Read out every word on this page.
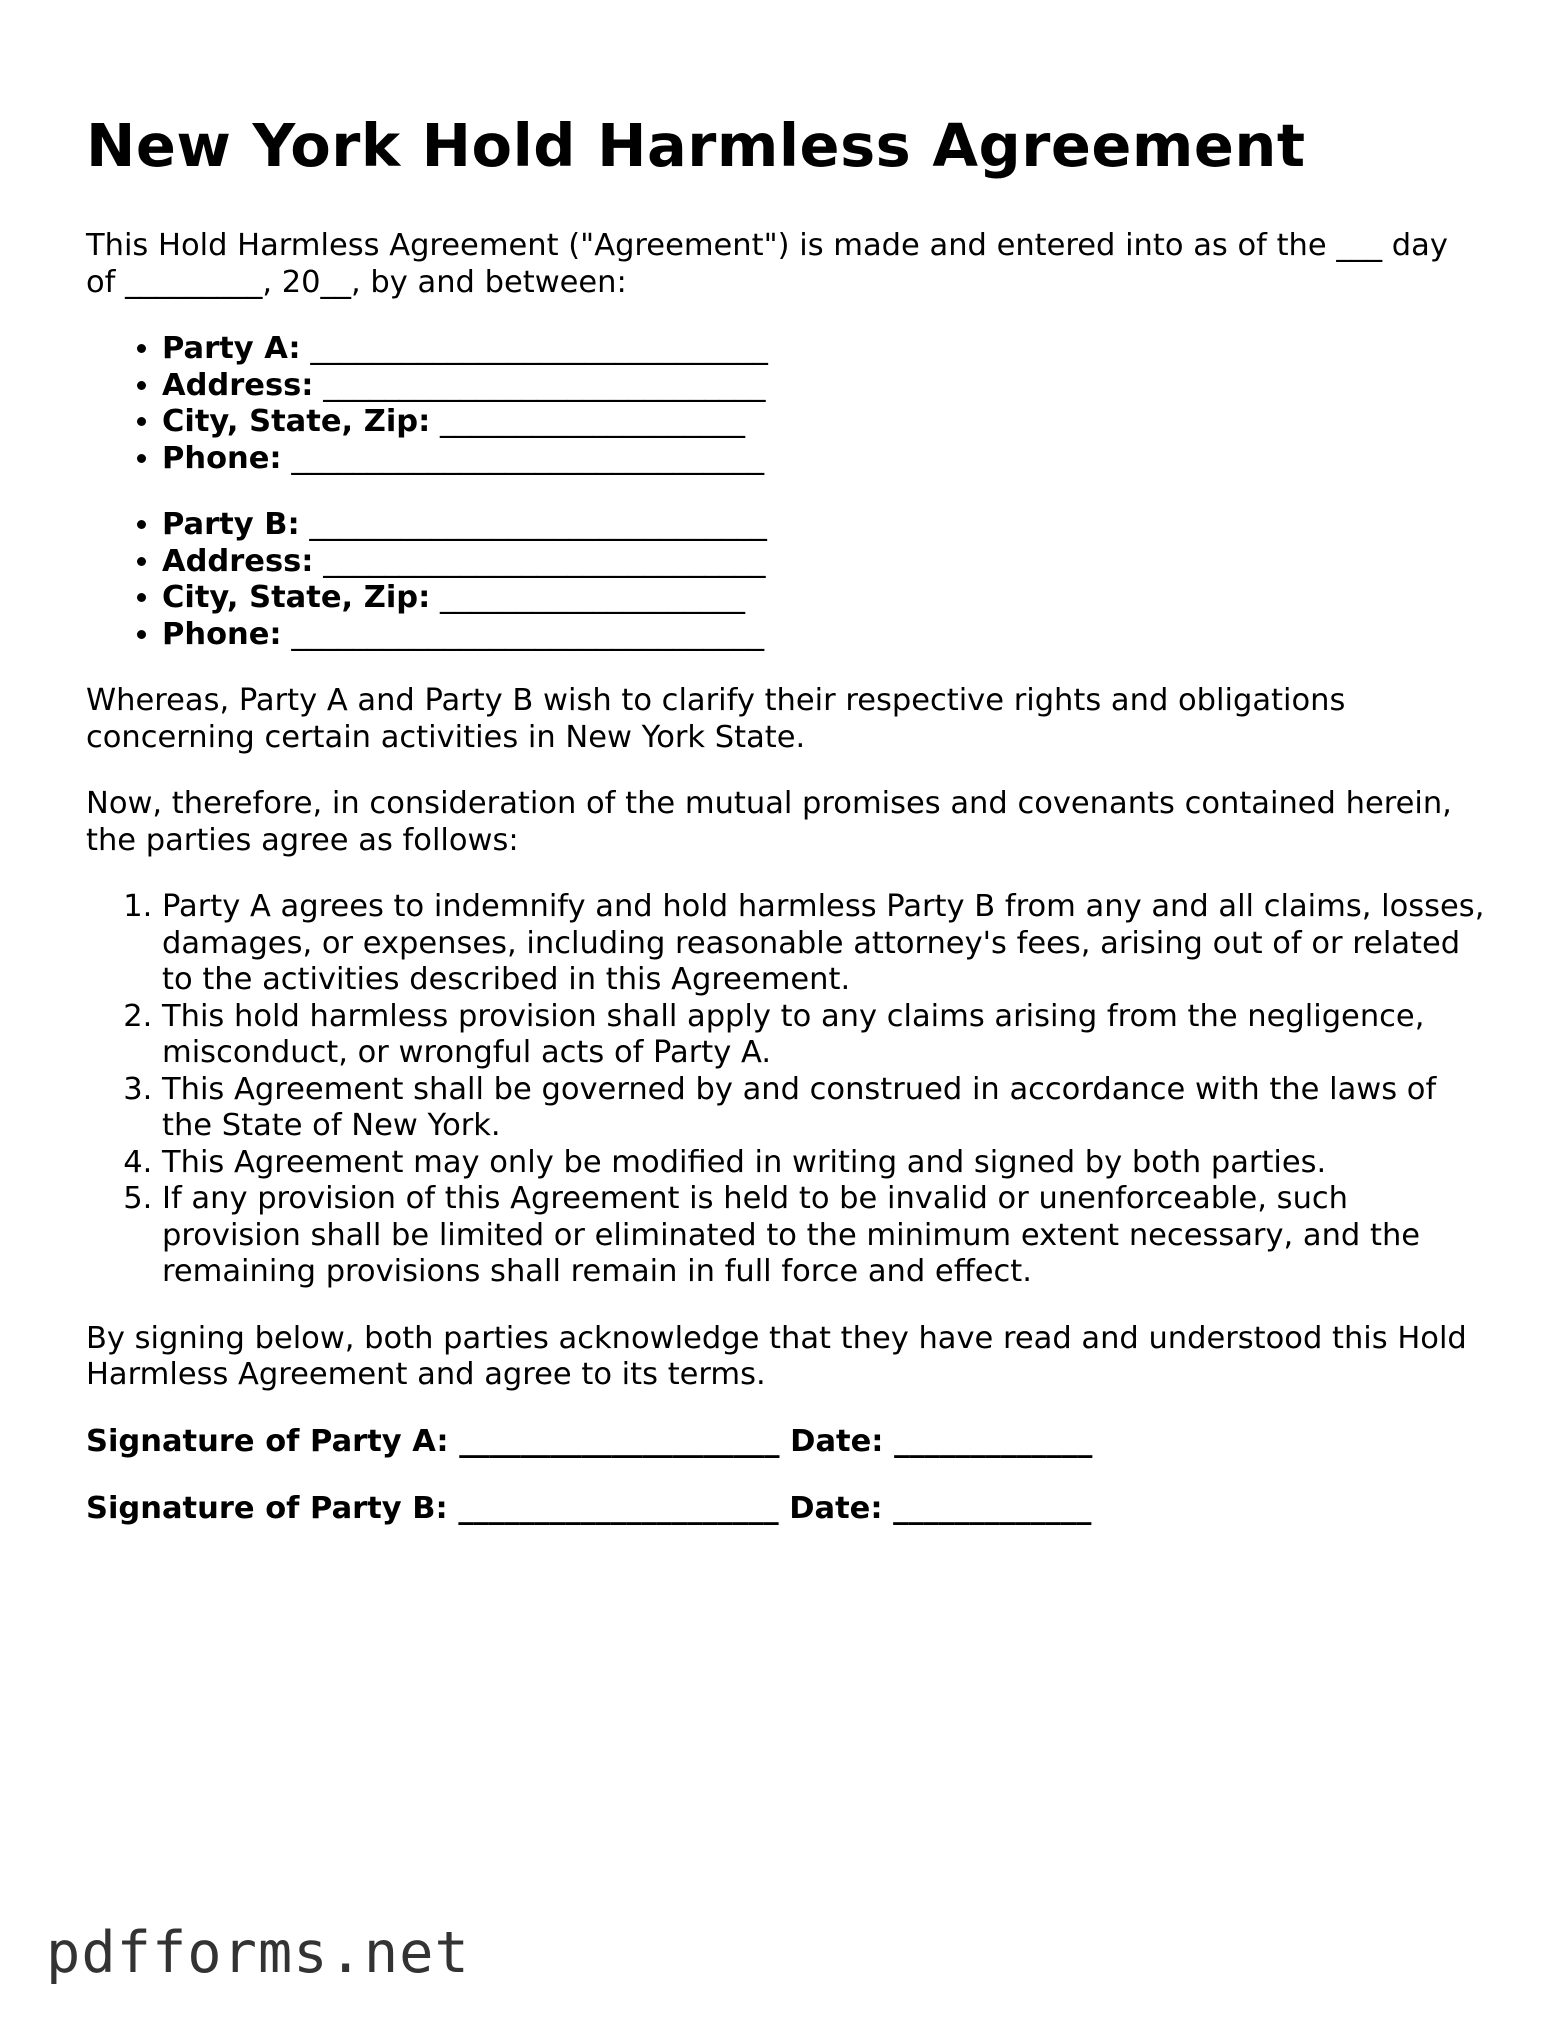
New York Hold Harmless Agreement

This Hold Harmless Agreement ("Agreement") is made and entered into as of the ___ day of _________, 20__, by and between:

• Party A: ______________________________
• Address: _____________________________
• City, State, Zip: ____________________
• Phone: _______________________________
• Party B: ______________________________
• Address: _____________________________
• City, State, Zip: ____________________
• Phone: _______________________________

Whereas, Party A and Party B wish to clarify their respective rights and obligations concerning certain activities in New York State.

Now, therefore, in consideration of the mutual promises and covenants contained herein, the parties agree as follows:

1. Party A agrees to indemnify and hold harmless Party B from any and all claims, losses, damages, or expenses, including reasonable attorney's fees, arising out of or related to the activities described in this Agreement.
2. This hold harmless provision shall apply to any claims arising from the negligence, misconduct, or wrongful acts of Party A.
3. This Agreement shall be governed by and construed in accordance with the laws of the State of New York.
4. This Agreement may only be modified in writing and signed by both parties.
5. If any provision of this Agreement is held to be invalid or unenforceable, such provision shall be limited or eliminated to the minimum extent necessary, and the remaining provisions shall remain in full force and effect.

By signing below, both parties acknowledge that they have read and understood this Hold Harmless Agreement and agree to its terms.

Signature of Party A: _____________________ Date: _____________
Signature of Party B: _____________________ Date: _____________
pdfforms.net
